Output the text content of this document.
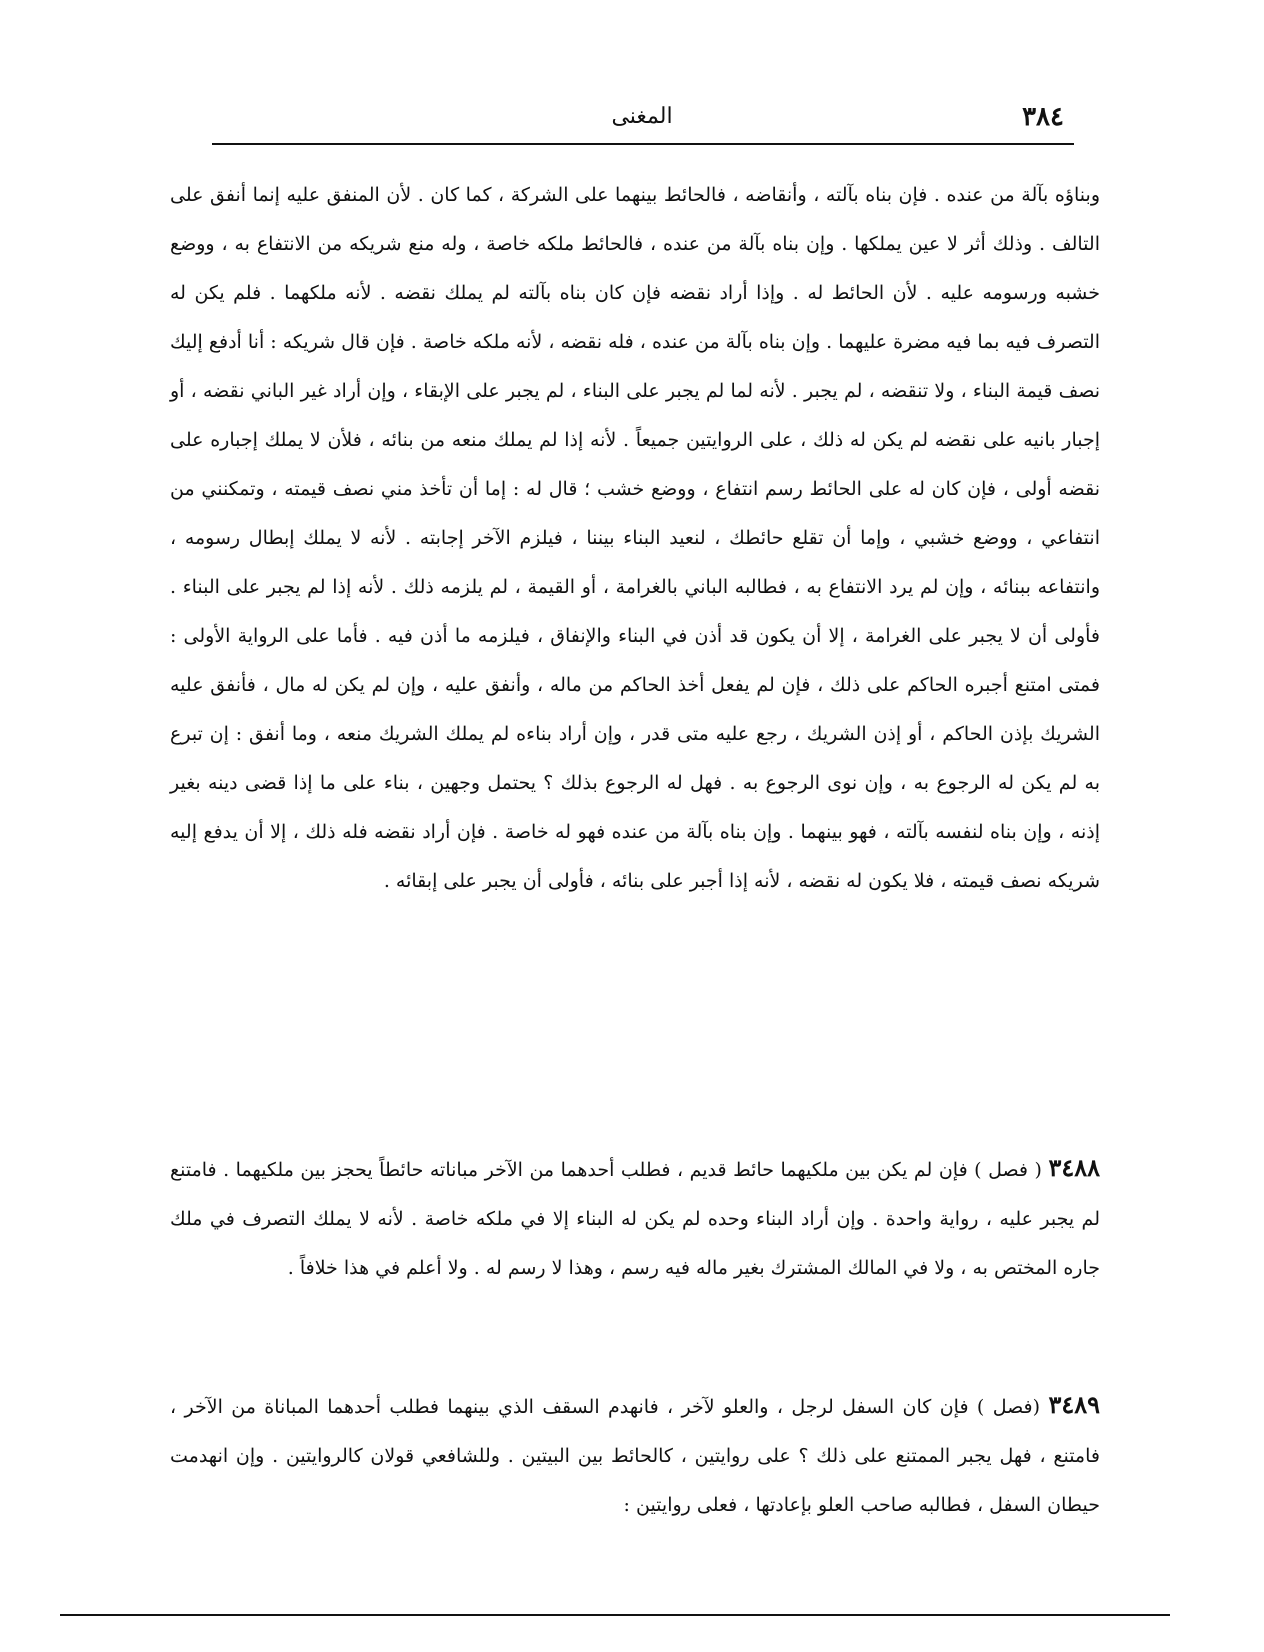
٣٨٤
المغنى

وبناؤه بآلة من عنده . فإن بناه بآلته ، وأنقاضه ، فالحائط بينهما على الشركة ، كما كان . لأن المنفق عليه إنما أنفق على التالف . وذلك أثر لا عين يملكها . وإن بناه بآلة من عنده ، فالحائط ملكه خاصة ، وله منع شريكه من الانتفاع به ، ووضع خشبه ورسومه عليه . لأن الحائط له . وإذا أراد نقضه فإن كان بناه بآلته لم يملك نقضه . لأنه ملكهما . فلم يكن له التصرف فيه بما فيه مضرة عليهما . وإن بناه بآلة من عنده ، فله نقضه ، لأنه ملكه خاصة . فإن قال شريكه : أنا أدفع إليك نصف قيمة البناء ، ولا تنقضه ، لم يجبر . لأنه لما لم يجبر على البناء ، لم يجبر على الإبقاء ، وإن أراد غير الباني نقضه ، أو إجبار بانيه على نقضه لم يكن له ذلك ، على الروايتين جميعاً . لأنه إذا لم يملك منعه من بنائه ، فلأن لا يملك إجباره على نقضه أولى ، فإن كان له على الحائط رسم انتفاع ، ووضع خشب ؛ قال له : إما أن تأخذ مني نصف قيمته ، وتمكنني من انتفاعي ، ووضع خشبي ، وإما أن تقلع حائطك ، لنعيد البناء بيننا ، فيلزم الآخر إجابته . لأنه لا يملك إبطال رسومه ، وانتفاعه ببنائه ، وإن لم يرد الانتفاع به ، فطالبه الباني بالغرامة ، أو القيمة ، لم يلزمه ذلك . لأنه إذا لم يجبر على البناء . فأولى أن لا يجبر على الغرامة ، إلا أن يكون قد أذن في البناء والإنفاق ، فيلزمه ما أذن فيه . فأما على الرواية الأولى : فمتى امتنع أجبره الحاكم على ذلك ، فإن لم يفعل أخذ الحاكم من ماله ، وأنفق عليه ، وإن لم يكن له مال ، فأنفق عليه الشريك بإذن الحاكم ، أو إذن الشريك ، رجع عليه متى قدر ، وإن أراد بناءه لم يملك الشريك منعه ، وما أنفق : إن تبرع به لم يكن له الرجوع به ، وإن نوى الرجوع به . فهل له الرجوع بذلك ؟ يحتمل وجهين ، بناء على ما إذا قضى دينه بغير إذنه ، وإن بناه لنفسه بآلته ، فهو بينهما . وإن بناه بآلة من عنده فهو له خاصة . فإن أراد نقضه فله ذلك ، إلا أن يدفع إليه شريكه نصف قيمته ، فلا يكون له نقضه ، لأنه إذا أجبر على بنائه ، فأولى أن يجبر على إبقائه .

٣٤٨٨ ( فصل ) فإن لم يكن بين ملكيهما حائط قديم ، فطلب أحدهما من الآخر مباناته حائطاً يحجز بين ملكيهما . فامتنع لم يجبر عليه ، رواية واحدة . وإن أراد البناء وحده لم يكن له البناء إلا في ملكه خاصة . لأنه لا يملك التصرف في ملك جاره المختص به ، ولا في المالك المشترك بغير ماله فيه رسم ، وهذا لا رسم له . ولا أعلم في هذا خلافاً .

٣٤٨٩ (فصل ) فإن كان السفل لرجل ، والعلو لآخر ، فانهدم السقف الذي بينهما فطلب أحدهما المباناة من الآخر ، فامتنع ، فهل يجبر الممتنع على ذلك ؟ على روايتين ، كالحائط بين البيتين . وللشافعي قولان كالروايتين . وإن انهدمت حيطان السفل ، فطالبه صاحب العلو بإعادتها ، فعلى روايتين :
